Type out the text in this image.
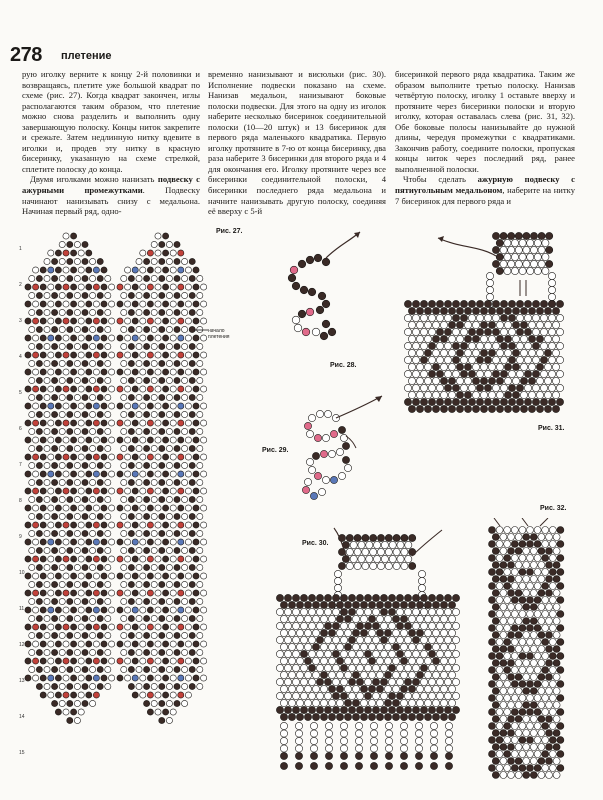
278 плетение

рую иголку верните к концу 2-й половинки и возвращаясь, плетите уже большой квадрат по схеме (рис. 27). Когда квадрат закончен, иглы располагаются таким образом, что плетение можно снова разделить и выполнить одну завершающую полоску. Концы ниток закрепите и срежьте. Затем недлинную нитку вдевите в иголки и, продев эту нитку в красную бисеринку, указанную на схеме стрелкой, сплетите полоску до конца.

Двумя иголками можно нанизать подвеску с ажурными промежутками. Подвеску начинают нанизывать снизу с медальона. Начиная первый ряд, одно-

временно нанизывают и висюльки (рис. 30). Исполнение подвески показано на схеме. Нанизав медальон, нанизывают боковые полоски подвески. Для этого на одну из иголок наберите несколько бисеринок соединительной полоски (10—20 штук) и 13 бисеринок для первого ряда маленького квадратика. Первую иголку протяните в 7-ю от конца бисеринку, два раза наберите 3 бисеринки для второго ряда и 4 для окончания его. Иголку протяните через все бисеринки соединительной полоски, 4 бисеринки последнего ряда медальона и начните нанизывать другую полоску, соединяя её вверху с 5-й

бисеринкой первого ряда квадратика. Таким же образом выполните третью полоску. Нанизав четвёртую полоску, иголку 1 оставьте вверху и протяните через бисеринки полоски и вторую иголку, которая оставалась слева (рис. 31, 32). Обе боковые полосы нанизывайте до нужной длины, чередуя промежутки с квадратиками. Закончив работу, соедините полоски, пропуская концы ниток через последний ряд, ранее выполненной полоски.

Чтобы сделать ажурную подвеску с пятиугольным медальоном, наберите на нитку 7 бисеринок для первого ряда и

1
2
3
4
5
6
7
8
9
10
11
12
13
14
15
Рис. 27.
начало
плетения
Рис. 28.
Рис. 29.
Рис. 30.
Рис. 31.
Рис. 32.
